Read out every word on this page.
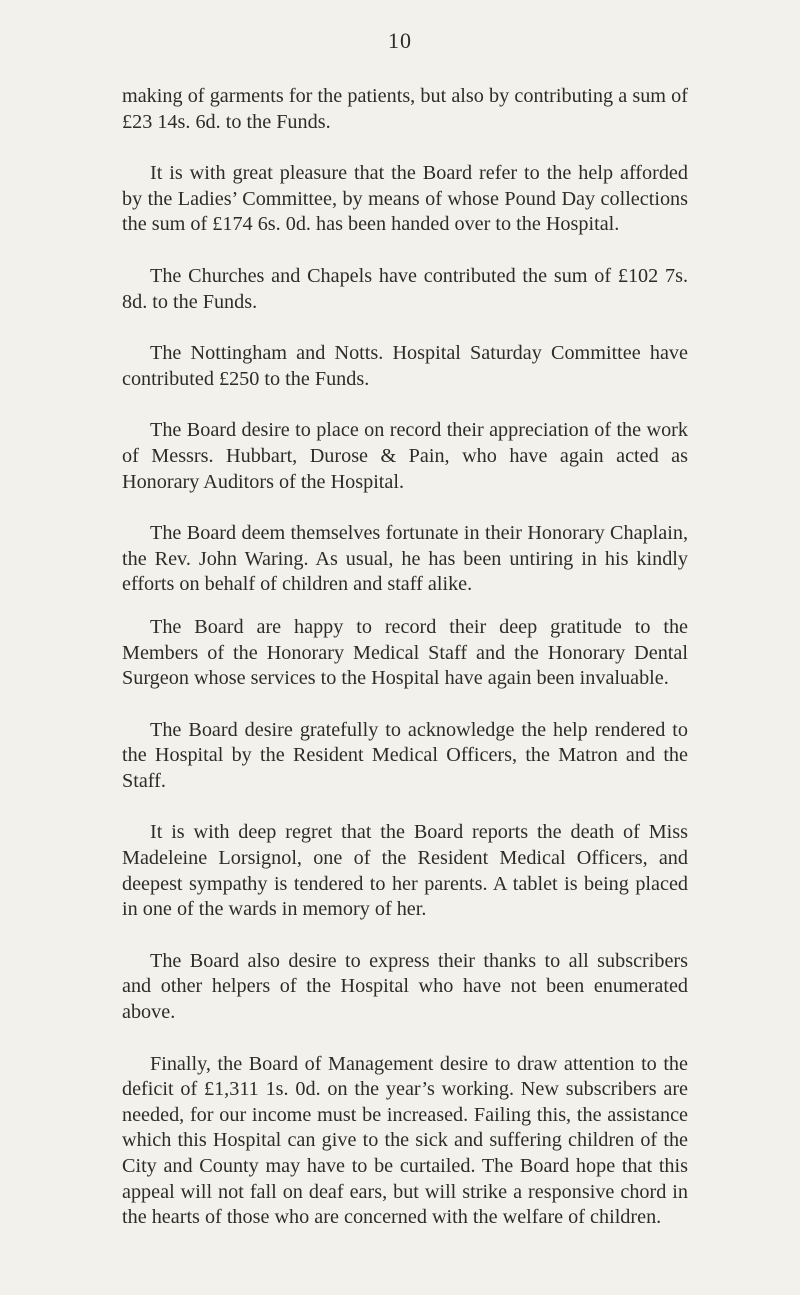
10

making of garments for the patients, but also by contributing a sum of £23 14s. 6d. to the Funds.

It is with great pleasure that the Board refer to the help afforded by the Ladies’ Committee, by means of whose Pound Day collections the sum of £174 6s. 0d. has been handed over to the Hospital.

The Churches and Chapels have contributed the sum of £102 7s. 8d. to the Funds.

The Nottingham and Notts. Hospital Saturday Committee have contributed £250 to the Funds.

The Board desire to place on record their appreciation of the work of Messrs. Hubbart, Durose & Pain, who have again acted as Honorary Auditors of the Hospital.

The Board deem themselves fortunate in their Honorary Chaplain, the Rev. John Waring. As usual, he has been untiring in his kindly efforts on behalf of children and staff alike.

The Board are happy to record their deep gratitude to the Members of the Honorary Medical Staff and the Honorary Dental Surgeon whose services to the Hospital have again been invaluable.

The Board desire gratefully to acknowledge the help rendered to the Hospital by the Resident Medical Officers, the Matron and the Staff.

It is with deep regret that the Board reports the death of Miss Madeleine Lorsignol, one of the Resident Medical Officers, and deepest sympathy is tendered to her parents. A tablet is being placed in one of the wards in memory of her.

The Board also desire to express their thanks to all subscribers and other helpers of the Hospital who have not been enumerated above.

Finally, the Board of Management desire to draw attention to the deficit of £1,311 1s. 0d. on the year’s working. New subscribers are needed, for our income must be increased. Failing this, the assistance which this Hospital can give to the sick and suffering children of the City and County may have to be curtailed. The Board hope that this appeal will not fall on deaf ears, but will strike a responsive chord in the hearts of those who are concerned with the welfare of children.
